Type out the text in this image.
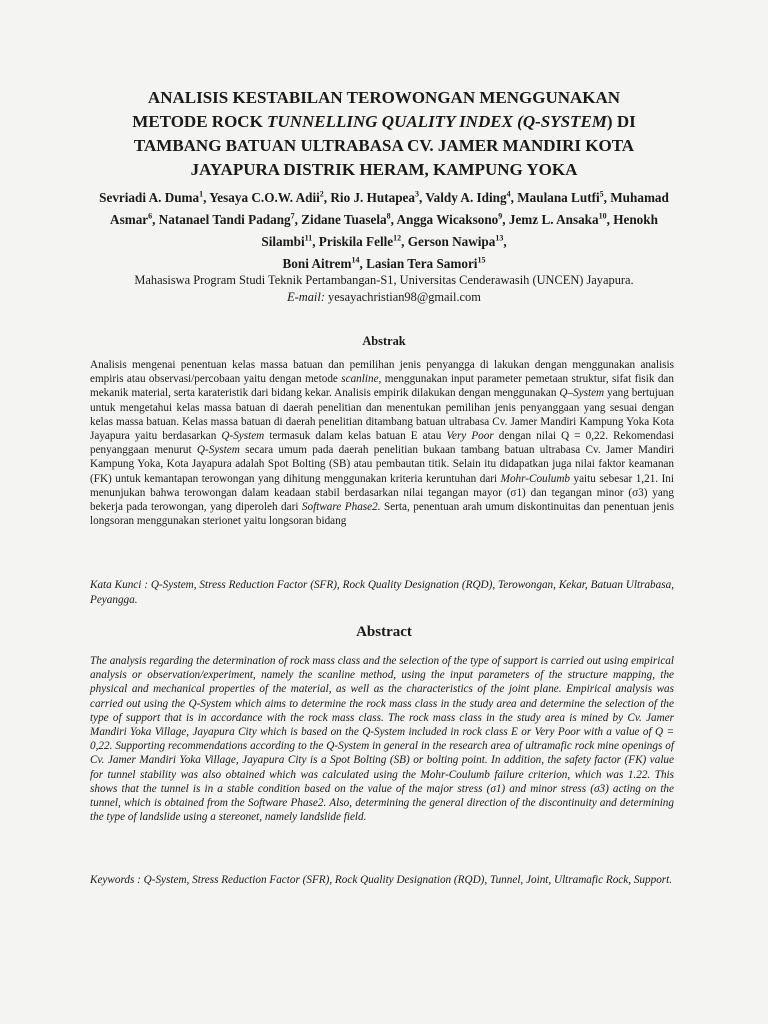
ANALISIS KESTABILAN TEROWONGAN MENGGUNAKAN
METODE ROCK TUNNELLING QUALITY INDEX (Q-SYSTEM) DI
TAMBANG BATUAN ULTRABASA CV. JAMER MANDIRI KOTA
JAYAPURA DISTRIK HERAM, KAMPUNG YOKA
Sevriadi A. Duma$^1$, Yesaya C.O.W. Adii$^2$, Rio J. Hutapea$^3$, Valdy A. Iding$^4$, Maulana Lutfi$^5$, Muhamad Asmar$^6$, Natanael Tandi Padang$^7$, Zidane Tuasela$^8$, Angga Wicaksono$^9$, Jemz L. Ansaka$^{10}$, Henokh Silambi$^{11}$, Priskila Felle$^{12}$, Gerson Nawipa$^{13}$,
Boni Aitrem$^{14}$, Lasian Tera Samori$^{15}$
Mahasiswa Program Studi Teknik Pertambangan-S1, Universitas Cenderawasih (UNCEN) Jayapura.
E-mail: yesayachristian98@gmail.com
Abstrak
Analisis mengenai penentuan kelas massa batuan dan pemilihan jenis penyangga di lakukan dengan menggunakan analisis empiris atau observasi/percobaan yaitu dengan metode scanline, menggunakan input parameter pemetaan struktur, sifat fisik dan mekanik material, serta karateristik dari bidang kekar. Analisis empirik dilakukan dengan menggunakan Q–System yang bertujuan untuk mengetahui kelas massa batuan di daerah penelitian dan menentukan pemilihan jenis penyanggaan yang sesuai dengan kelas massa batuan. Kelas massa batuan di daerah penelitian ditambang batuan ultrabasa Cv. Jamer Mandiri Kampung Yoka Kota Jayapura yaitu berdasarkan Q-System termasuk dalam kelas batuan E atau Very Poor dengan nilai Q = 0,22. Rekomendasi penyanggaan menurut Q-System secara umum pada daerah penelitian bukaan tambang batuan ultrabasa Cv. Jamer Mandiri Kampung Yoka, Kota Jayapura adalah Spot Bolting (SB) atau pembautan titik. Selain itu didapatkan juga nilai faktor keamanan (FK) untuk kemantapan terowongan yang dihitung menggunakan kriteria keruntuhan dari Mohr-Coulumb yaitu sebesar 1,21. Ini menunjukan bahwa terowongan dalam keadaan stabil berdasarkan nilai tegangan mayor (σ1) dan tegangan minor (σ3) yang bekerja pada terowongan, yang diperoleh dari Software Phase2. Serta, penentuan arah umum diskontinuitas dan penentuan jenis longsoran menggunakan sterionet yaitu longsoran bidang
Kata Kunci : Q-System, Stress Reduction Factor (SFR), Rock Quality Designation (RQD), Terowongan, Kekar, Batuan Ultrabasa, Peyangga.
Abstract
The analysis regarding the determination of rock mass class and the selection of the type of support is carried out using empirical analysis or observation/experiment, namely the scanline method, using the input parameters of the structure mapping, the physical and mechanical properties of the material, as well as the characteristics of the joint plane. Empirical analysis was carried out using the Q-System which aims to determine the rock mass class in the study area and determine the selection of the type of support that is in accordance with the rock mass class. The rock mass class in the study area is mined by Cv. Jamer Mandiri Yoka Village, Jayapura City which is based on the Q-System included in rock class E or Very Poor with a value of Q = 0,22. Supporting recommendations according to the Q-System in general in the research area of ultramafic rock mine openings of Cv. Jamer Mandiri Yoka Village, Jayapura City is a Spot Bolting (SB) or bolting point. In addition, the safety factor (FK) value for tunnel stability was also obtained which was calculated using the Mohr-Coulumb failure criterion, which was 1.22. This shows that the tunnel is in a stable condition based on the value of the major stress (σ1) and minor stress (σ3) acting on the tunnel, which is obtained from the Software Phase2. Also, determining the general direction of the discontinuity and determining the type of landslide using a stereonet, namely landslide field.
Keywords : Q-System, Stress Reduction Factor (SFR), Rock Quality Designation (RQD), Tunnel, Joint, Ultramafic Rock, Support.
